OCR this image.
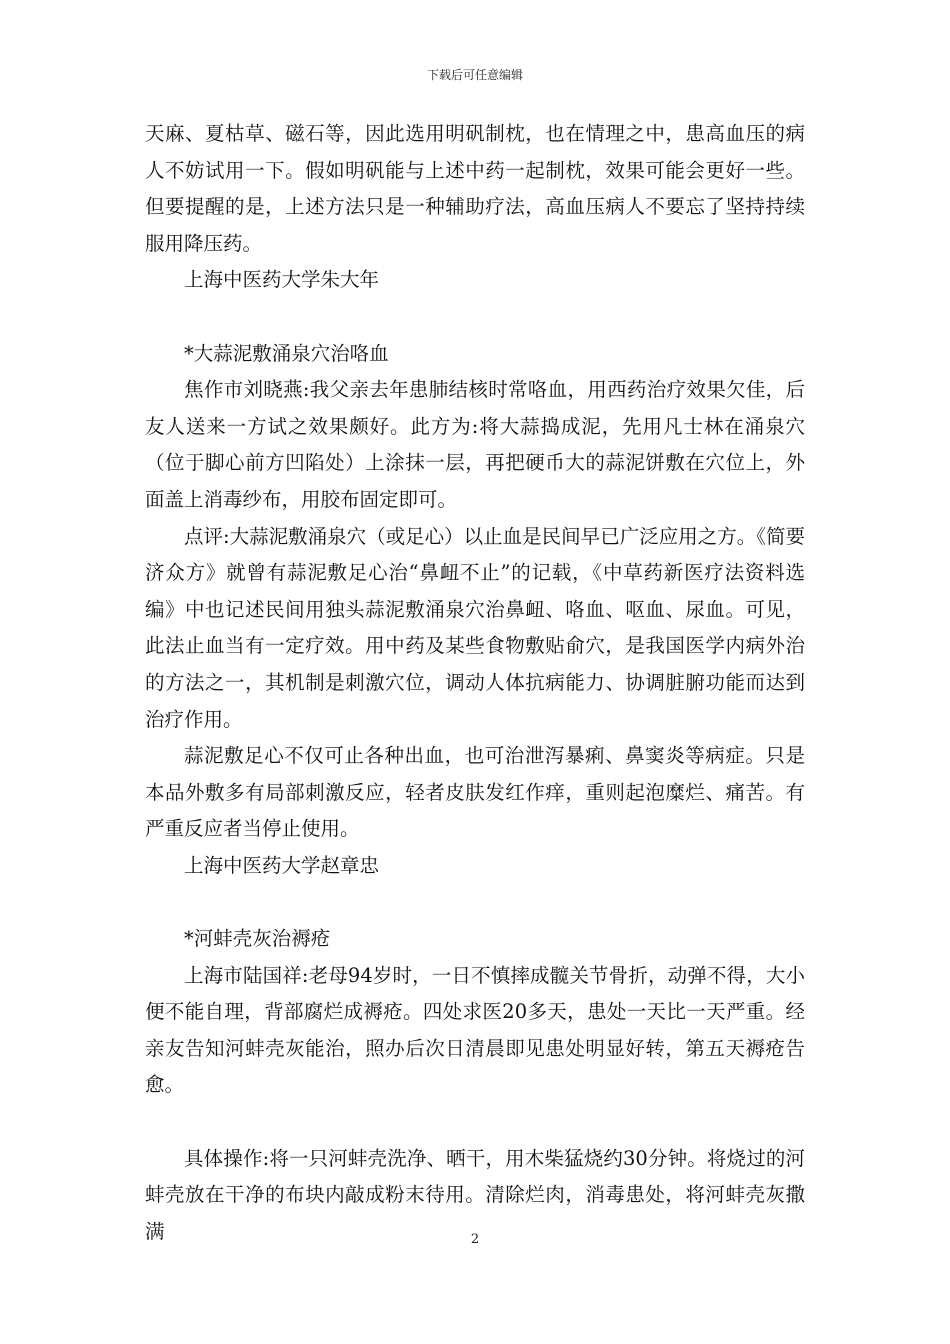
下载后可任意编辑

天麻、夏枯草、磁石等，因此选用明矾制枕，也在情理之中，患高血压的病人不妨试用一下。假如明矾能与上述中药一起制枕，效果可能会更好一些。但要提醒的是，上述方法只是一种辅助疗法，高血压病人不要忘了坚持持续服用降压药。

上海中医药大学朱大年

*大蒜泥敷涌泉穴治咯血

焦作市刘晓燕:我父亲去年患肺结核时常咯血，用西药治疗效果欠佳，后友人送来一方试之效果颇好。此方为:将大蒜捣成泥，先用凡士林在涌泉穴（位于脚心前方凹陷处）上涂抹一层，再把硬币大的蒜泥饼敷在穴位上，外面盖上消毒纱布，用胶布固定即可。

点评:大蒜泥敷涌泉穴（或足心）以止血是民间早已广泛应用之方。《简要济众方》就曾有蒜泥敷足心治“鼻衄不止”的记载，《中草药新医疗法资料选编》中也记述民间用独头蒜泥敷涌泉穴治鼻衄、咯血、呕血、尿血。可见，此法止血当有一定疗效。用中药及某些食物敷贴俞穴，是我国医学内病外治的方法之一，其机制是刺激穴位，调动人体抗病能力、协调脏腑功能而达到治疗作用。

蒜泥敷足心不仅可止各种出血，也可治泄泻暴痢、鼻窦炎等病症。只是本品外敷多有局部刺激反应，轻者皮肤发红作痒，重则起泡糜烂、痛苦。有严重反应者当停止使用。

上海中医药大学赵章忠

*河蚌壳灰治褥疮

上海市陆国祥:老母94岁时，一日不慎摔成髋关节骨折，动弹不得，大小便不能自理，背部腐烂成褥疮。四处求医20多天，患处一天比一天严重。经亲友告知河蚌壳灰能治，照办后次日清晨即见患处明显好转，第五天褥疮告愈。

具体操作:将一只河蚌壳洗净、晒干，用木柴猛烧约30分钟。将烧过的河蚌壳放在干净的布块内敲成粉末待用。清除烂肉，消毒患处，将河蚌壳灰撒满	2
